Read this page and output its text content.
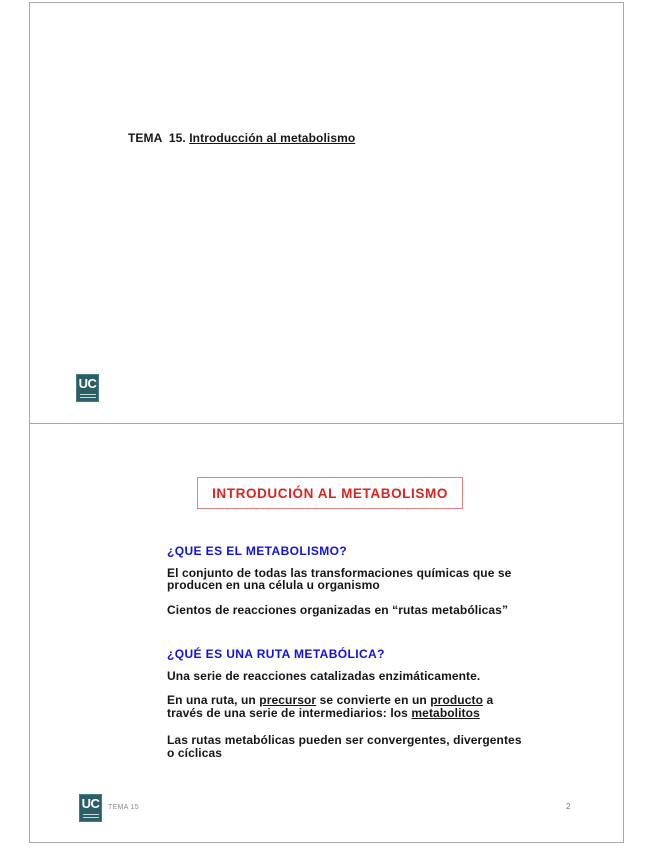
TEMA  15. Introducción al metabolismo
UC
INTRODUCIÓN AL METABOLISMO
¿QUE ES EL METABOLISMO?

El conjunto de todas las transformaciones químicas que se
producen en una célula u organismo

Cientos de reacciones organizadas en “rutas metabólicas”

¿QUÉ ES UNA RUTA METABÓLICA?

Una serie de reacciones catalizadas enzimáticamente.

En una ruta, un precursor se convierte en un producto a
través de una serie de intermediarios: los metabolitos

Las rutas metabólicas pueden ser convergentes, divergentes
o cíclicas

UC TEMA 15	2
